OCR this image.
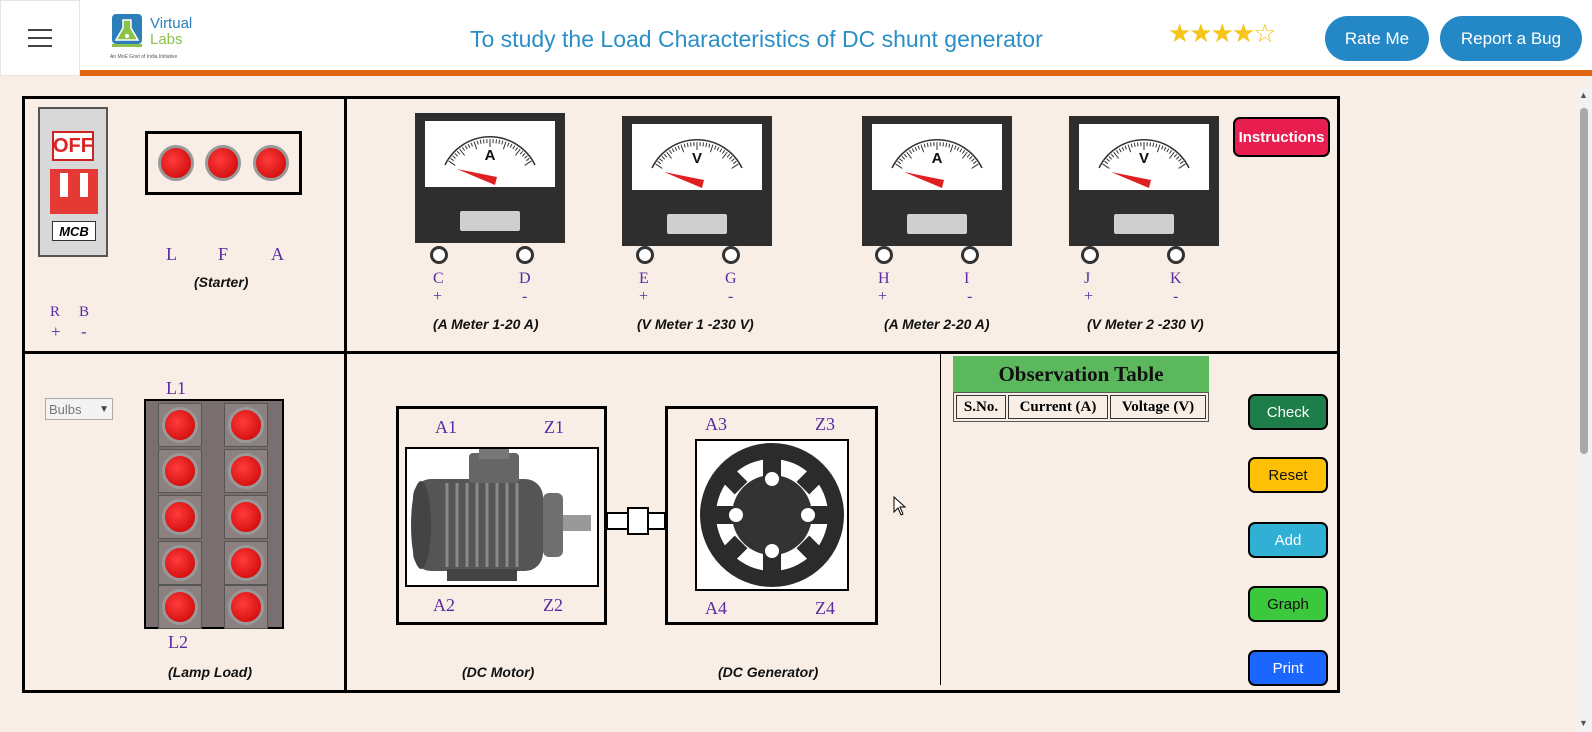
Virtual
Labs
An MoE Govt of India Initiative
To study the Load Characteristics of DC shunt generator	★★★★☆	Rate Me	Report a Bug
OFF
MCB
R B
+ -
L F A
(Starter)
A
C	D
+	-
(A Meter 1-20 A)
V
E	G
+	-
(V Meter 1 -230 V)
A
H	I
+	-
(A Meter 2-20 A)
V
J	K
+	-
(V Meter 2 -230 V)
Instructions
Bulbs ▼
L1
L2
(Lamp Load)
A1	Z1
A2	Z2
(DC Motor)
A3	Z3
A4	Z4
(DC Generator)
Observation Table
S.No.	Current (A)	Voltage (V)	Check
Reset
Add
Graph
Print
▲
▼
